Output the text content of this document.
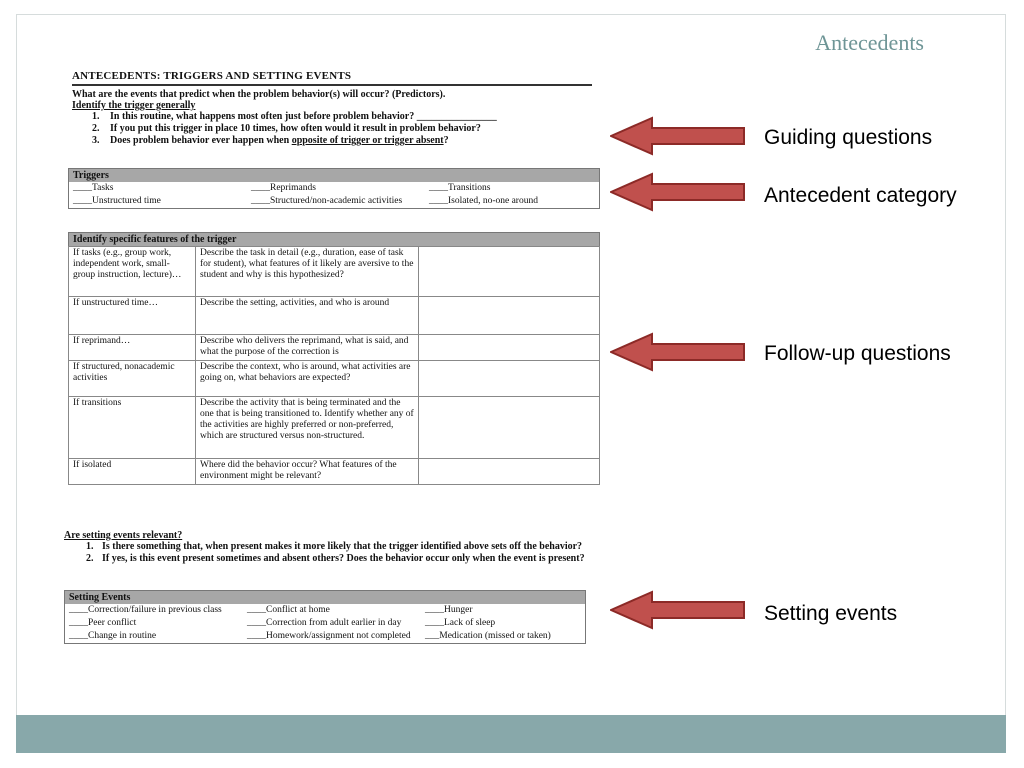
Antecedents
ANTECEDENTS: TRIGGERS AND SETTING EVENTS
What are the events that predict when the problem behavior(s) will occur? (Predictors).
Identify the trigger generally
1. In this routine, what happens most often just before problem behavior? ________________
2. If you put this trigger in place 10 times, how often would it result in problem behavior?
3. Does problem behavior ever happen when opposite of trigger or trigger absent?
Triggers		
____Tasks	____Reprimands	____Transitions
____Unstructured time	____Structured/non-academic activities	____Isolated, no-one around
Identify specific features of the trigger		
If tasks (e.g., group work, independent work, small-group instruction, lecture)…	Describe the task in detail (e.g., duration, ease of task for student), what features of it likely are aversive to the student and why is this hypothesized?	
If unstructured time…	Describe the setting, activities, and who is around	
If reprimand…	Describe who delivers the reprimand, what is said, and what the purpose of the correction is	
If structured, nonacademic activities	Describe the context, who is around, what activities are going on, what behaviors are expected?	
If transitions	Describe the activity that is being terminated and the one that is being transitioned to. Identify whether any of the activities are highly preferred or non-preferred, which are structured versus non-structured.	
If isolated	Where did the behavior occur? What features of the environment might be relevant?	
Are setting events relevant?
1. Is there something that, when present makes it more likely that the trigger identified above sets off the behavior?
2. If yes, is this event present sometimes and absent others? Does the behavior occur only when the event is present?
Setting Events		
____Correction/failure in previous class	____Conflict at home	____Hunger
____Peer conflict	____Correction from adult earlier in day	____Lack of sleep
____Change in routine	____Homework/assignment not completed	___Medication (missed or taken)
Guiding questions
Antecedent category
Follow-up questions
Setting events
